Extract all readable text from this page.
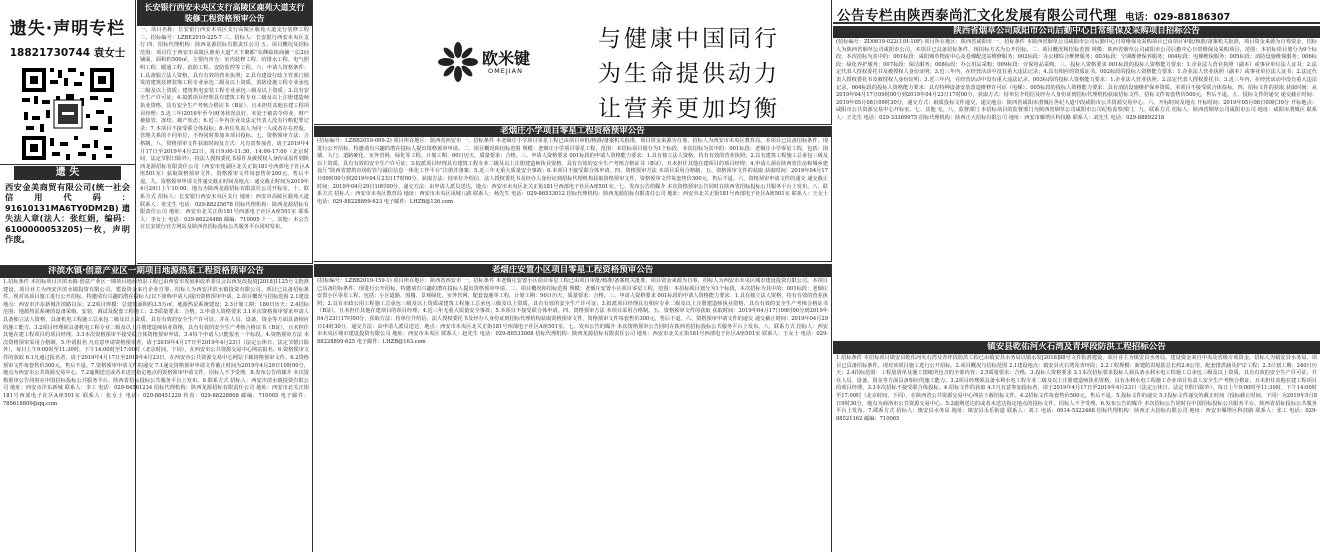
遗失·声明专栏
18821730744 袁女士
遗 失
西安金美商贸有限公司(统一社会信用代码：91610131MA6TY0DM2B)遗失法人章(法人：张红娟，编码：6100000053205)一枚，声明作废。
长安银行西安未央区支行高陵区鹿苑大道支行装修工程资格预审公告
一、项目名称：长安银行西安未央区支行高陵区鹿苑大道支行装修工程 二、招标编号：LZBE2019-225-7 三、招标人：长安银行西安未央区支行 四、招标代理机构：陕西龙源招标有限责任公司 五、项目概况及招标范围：项目位于西安市高陵区鹿苑大道“天下聚都”东侧临街商铺一层2间铺面，面积约500㎡，主要内容为：室内装修工程、给排水工程、电气照明工程、暖通工程、消防工程、安防监控等工程。六、申请人资格条件：1.具备独立法人资格，具有有效的营业执照；2.具有建设行政主管部门颁发的建筑装修装饰工程专业承包二级及以上资质，消防设施工程专业承包二级及以上资质；建筑机电安装工程专业承包三级及以上资质；3.具有安全生产许可证；4.拟派项目经理具有建筑工程专业二级及以上注册建造师执业资格，具有安全生产考核合格证书（B证），且未担任其他在建工程项目经理；5.近三年(2016年至今)财务状况良好，未处于被责令停业、财产被接管、冻结、破产状态；6.近三年内企业及法定代表人没有行贿犯罪记录；7.本项目不接受联合体投标；8.单位负责人为同一人或者存在控股、管理关系的不同单位，不得同时参加本项目投标。七、资格预审方法：合格制。八、资格预审文件获取时间及方式：凡有意参加者，请于2019年4月17日至2019年4月23日，每日9:00-11:30，14:00-17:00（北京时间，法定节假日除外），持法人授权委托书原件及被授权人身份证原件到陕西龙源招标有限责任公司（西安市莲湖区北关正街181号西部电子社区A座501室）获取资格预审文件，资格预审文件每套售价200元，售后不退。九、资格预审申请文件递交截止时间及地点：递交截止时间为2019年4月29日上午10:00，地点为陕西龙源招标有限责任公司开标室。十、联系方式 招标人：长安银行西安未央区支行 地址：西安市高陵区鹿苑大道 联系人：张先生 电话：029-88225678 招标代理机构：陕西龙源招标有限责任公司 地址：西安市北关正街181号西部电子社区A座501室 联系人：李女士 电话：029-86224488 邮编：710005 十一、其他：本公告在长安银行官方网站及陕西省招标投标公共服务平台同时发布。
欧米键
OMEJIAN
与健康中国同行
为生命提供动力
让营养更加均衡
老烟庄小学项目零星工程资格预审公告
(招标编号：LZBB2019-099-2) 项目所在地区：陕西省西安市 一、招标条件 本老烟庄小学项目零星工程已由项目审批/核准/备案机关批准，项目资金来源为自筹，招标人为西安市未央区教育局。本项目已具备招标条件，现进行公开招标，特邀请有兴趣的潜在投标人提出资格预审申请。二、项目概况和招标范围 规模：老烟庄小学项目零星工程，范围：本招标项目划分为1个标段，本次招标为其中的：001标段：老烟庄小学零星工程，包括：围墙、大门、道路硬化、室外管网、绿化等工程，计划工期：60日历天，质量要求：合格。三、申请人资格要求 001标段的申请人资格能力要求：1.具有独立法人资格，持有有效的营业执照；2.具有建筑工程施工总承包三级及以上资质，具有有效的安全生产许可证；3.拟派项目经理具有建筑工程专业二级及以上注册建造师执业资格，具有有效的安全生产考核合格证书（B证），且未担任其他在建项目的项目经理；4.申请人须在陕西省住房和城乡建设厅“陕西省建筑市场监管与诚信信息一体化工作平台”注册并备案；5.近三年无重大质量安全事故；6.本项目不接受联合体申请。四、资格预审方法 本项目采用合格制。五、资格预审文件的获取 获取时间：2019年04月17日09时00分到2019年04月23日17时00分，获取方法：持单位介绍信、法人授权委托书及经办人身份证到招标代理机构获取资格预审文件，资格预审文件每套售价300元，售后不退。六、资格预审申请文件的递交 递交截止时间：2019年04月29日10时00分，递交方法：由申请人派员送达，地点：西安市未央区北关正街181号西部电子社区A座501室。七、发布公告的媒介 本次资格预审公告同时在陕西省招标投标公共服务平台上发布。八、联系方式 招标人：西安市未央区教育局 地址：西安市未央区凤城八路 联系人：杨先生 电话：029-86533012 招标代理机构：陕西龙源招标有限责任公司 地址：西安市北关正街181号西部电子社区A座501室 联系人：王女士 电话：029-88228899-623 电子邮件：LHZB@126.com
沣滨水镇·创意产业区一期项目地源热泵工程资格预审公告
1.招标条件 本招标项目沣滨水镇·创意产业区一期项目地源热泵工程已由西安市发展和改革委员会以西发改投资[2018]1125号文批准建设，项目业主为西安沣滨水镇投资有限公司，建设资金来自企业自筹，招标人为西安沣滨水镇投资有限公司。项目已具备招标条件，现对该项目施工进行公开招标，特邀请有兴趣的潜在投标人(以下简称申请人)提出资格预审申请。2.项目概况与招标范围 2.1建设地点：西安市沣东新城沣滨路以东；2.2项目规模：总建筑面积约3.5万㎡，地源热泵系统建设；2.3计划工期：180日历天；2.4招标范围：地源热泵系统的设备采购、安装、调试及配套工程施工；2.5质量要求：合格。3.申请人资格要求 3.1本次资格预审要求申请人具备独立法人资格，具备机电工程施工总承包二级及以上资质，具有有效的安全生产许可证，并在人员、设备、资金等方面具备相应的施工能力。3.2项目经理须具备机电工程专业二级及以上注册建造师执业资格，具有有效的安全生产考核合格证书（B证），且未担任其他在建工程项目的项目经理。3.3本次资格预审不接受联合体资格预审申请。3.4每个申请人只能报名一个标段。4.资格预审方法 本次资格预审采用合格制。5.申请报名 凡有意申请资格预审者，请于2019年4月17日至2019年4月23日（法定公休日、法定节假日除外），每日上午9:00时至11:30时，下午14:00时至17:00时（北京时间，下同），在西安市公共资源交易中心网站报名。6.资格预审文件的获取 6.1凡通过报名者，请于2019年4月17日至2019年4月23日，在西安市公共资源交易中心网站下载资格预审文件。6.2资格预审文件每套售价300元，售后不退。7.资格预审申请文件的递交 7.1递交资格预审申请文件截止时间为2019年4月29日10时00分，地点为西安市公共资源交易中心。7.2逾期送达或者未送达指定地点的资格预审申请文件，招标人不予受理。8.发布公告的媒介 本次资格预审公告同时在中国招标投标公共服务平台、陕西省招标投标公共服务平台上发布。9.联系方式 招标人：西安沣滨水镇投资有限公司 地址：西安市沣东新城 联系人：李工 电话：029-84561234 招标代理机构：陕西龙源招标有限责任公司 地址：西安市北关正街181号西部电子社区A座501室 联系人：张女士 电话：029-88451228 传真：029-88228808 邮编：710005 电子邮件：785618800@qq.com
老烟庄安置小区项目零星工程资格预审公告
(招标编号：LZBB2019-159-1) 项目所在地区：陕西省西安市 一、招标条件 本老烟庄安置小区项目零星工程已由项目审批/核准/备案机关批准，项目资金来源为自筹，招标人为西安市未央区城市建设投资有限公司。本项目已具备招标条件，现进行公开招标，特邀请有兴趣的潜在投标人提出资格预审申请。二、项目概况和招标范围 规模：老烟庄安置小区项目零星工程，范围：本招标项目划分为1个标段，本次招标为其中的：001标段：老烟庄安置小区零星工程，包括：小区道路、围墙、景观绿化、室外管网、配套设施等工程，计划工期：90日历天，质量要求：合格。三、申请人资格要求 001标段的申请人资格能力要求：1.具有独立法人资格，持有有效的营业执照；2.具有市政公用工程施工总承包三级及以上资质或建筑工程施工总承包三级及以上资质，具有有效的安全生产许可证；3.拟派项目经理具有相应专业二级及以上注册建造师执业资格，具有有效的安全生产考核合格证书（B证），且未担任其他在建项目的项目经理；4.近三年无重大质量安全事故；5.本项目不接受联合体申请。四、资格预审方法 本项目采用合格制。五、资格预审文件的获取 获取时间：2019年04月17日09时00分到2019年04月23日17时00分，获取方法：持单位介绍信、法人授权委托书及经办人身份证到招标代理机构获取资格预审文件，资格预审文件每套售价300元，售后不退。六、资格预审申请文件的递交 递交截止时间：2019年04月29日14时30分，递交方法：由申请人派员送达，地点：西安市未央区北关正街181号西部电子社区A座501室。七、发布公告的媒介 本次资格预审公告同时在陕西省招标投标公共服务平台上发布。八、联系方式 招标人：西安市未央区城市建设投资有限公司 地址：西安市未央区 联系人：赵先生 电话：029-86533068 招标代理机构：陕西龙源招标有限责任公司 地址：西安市北关正街181号西部电子社区A座501室 联系人：王女士 电话：029-88228899-625 电子邮件：LHZB@163.com
公告专栏由陕西泰尚汇文化发展有限公司代理 电话：029-88186307
陕西省烟草公司咸阳市公司后勤中心日常维保及采购项目招标公告
(招标编号：ZD0619-022(1)H-10F) 项目所在地区：陕西省咸阳市 一、招标条件 本陕西省烟草公司咸阳市公司后勤中心日常维保及采购项目已由项目审批/核准/备案机关批准，项目资金来源为自筹资金，招标人为陕西省烟草公司咸阳市公司。本项目已具备招标条件，现招标方式为公开招标。二、项目概况和招标范围 规模：陕西省烟草公司咸阳市公司后勤中心日常维保及采购项目，范围：本招标项目划分为9个标段，本次招标为其中的：001标段：咸阳烟草物流中心及卷烟配送站维修服务；002标段：办公楼综合维修服务；003标段：空调维修保养服务；004标段：电梯维保服务；005标段：消防设施维保服务；006标段：绿化养护服务；007标段：保洁服务；008标段：办公用品采购；009标段：劳保用品采购。三、投标人资格要求 001标段的投标人资格能力要求：1.企业法人营业执照（副本）或事业单位法人证书；2.法定代表人授权委托书及被授权人身份证明；3.近三年内，在经营活动中没有重大违法记录；4.具有相应的资质证书。002标段的投标人资格能力要求：1.企业法人营业执照（副本）或事业单位法人证书；2.法定代表人授权委托书及被授权人身份证明；3.近三年内，在经营活动中没有重大违法记录。003标段的投标人资格能力要求：1.企业法人营业执照；2.法定代表人授权委托书；3.近三年内，在经营活动中没有重大违法记录。004标段的投标人资格能力要求：具有特种设备安装改造维修许可证（电梯）。005标段的投标人资格能力要求：具有消防设施维护保养资质。本项目不接受联合体投标。四、招标文件的获取 获取时间：从2019年04月17日09时00分到2019年04月23日17时00分，获取方式：持单位介绍信及经办人身份证到招标代理机构获取招标文件，招标文件每套售价500元，售后不退。五、投标文件的递交 递交截止时间：2019年05月08日09时30分，递交方式：纸质投标文件递交，递交地点：陕西省咸阳市渭城区世纪大道中段咸阳市公共资源交易中心。六、开标时间及地点 开标时间：2019年05月08日09时30分 开标地点：咸阳市公共资源交易中心开标室。七、其他 无。八、监督部门 本招标项目的监督部门为陕西省烟草公司咸阳市公司纪检监察部门。九、联系方式 招标人：陕西省烟草公司咸阳市公司 地址：咸阳市渭城区 联系人：王先生 电话：029-33369975 招标代理机构：陕西正大招标有限公司 地址：西安市雁塔区科技路 联系人：刘先生 电话：029-88892218
镇安县乾佑河火石湾及青坪段防洪工程招标公告
1.招标条件 本招标项目镇安县乾佑河火石湾及青坪段防洪工程已由镇安县水务局以镇水发[2018]88号文件批准建设，项目业主为镇安县水务局，建设资金来自中央及省级专项资金，招标人为镇安县水务局。项目已具备招标条件，现对该项目施工进行公开招标。2.项目概况与招标范围 2.1建设地点：镇安县火石湾及青坪段；2.2工程规模：新建防洪堤防总长约2.6公里，配套排洪涵及护岸工程；2.3计划工期：240日历天；2.4招标范围：工程量清单及施工图纸所包含的全部内容；2.5质量要求：合格。3.投标人资格要求 3.1本次招标要求投标人须具备水利水电工程施工总承包三级及以上资质，具有有效的安全生产许可证，并在人员、设备、资金等方面具备相应的施工能力。3.2项目经理须具备水利水电工程专业二级及以上注册建造师执业资格，具有水利水电工程施工企业项目负责人安全生产考核合格证，且未担任其他在建工程项目的项目经理。3.3本次招标不接受联合体投标。4.招标文件的获取 4.1凡有意参加投标者，请于2019年4月17日至2019年4月23日（法定公休日、法定节假日除外），每日上午9:00时至11:30时，下午14:00时至17:00时（北京时间，下同），在陕西省公共资源交易中心网站下载招标文件。4.2招标文件每套售价500元，售后不退。5.投标文件的递交 5.1投标文件递交的截止时间（投标截止时间，下同）为2019年5月8日9时30分，地点为商洛市公共资源交易中心。5.2逾期送达的或者未送达指定地点的投标文件，招标人不予受理。6.发布公告的媒介 本次招标公告同时在中国招标投标公共服务平台、陕西省招标投标公共服务平台上发布。7.联系方式 招标人：镇安县水务局 地址：镇安县永乐街道 联系人：刘工 电话：0914-5322468 招标代理机构：陕西正大招标有限公司 地址：西安市雁塔区科技路 联系人：张工 电话：029-88521162 邮编：710065
